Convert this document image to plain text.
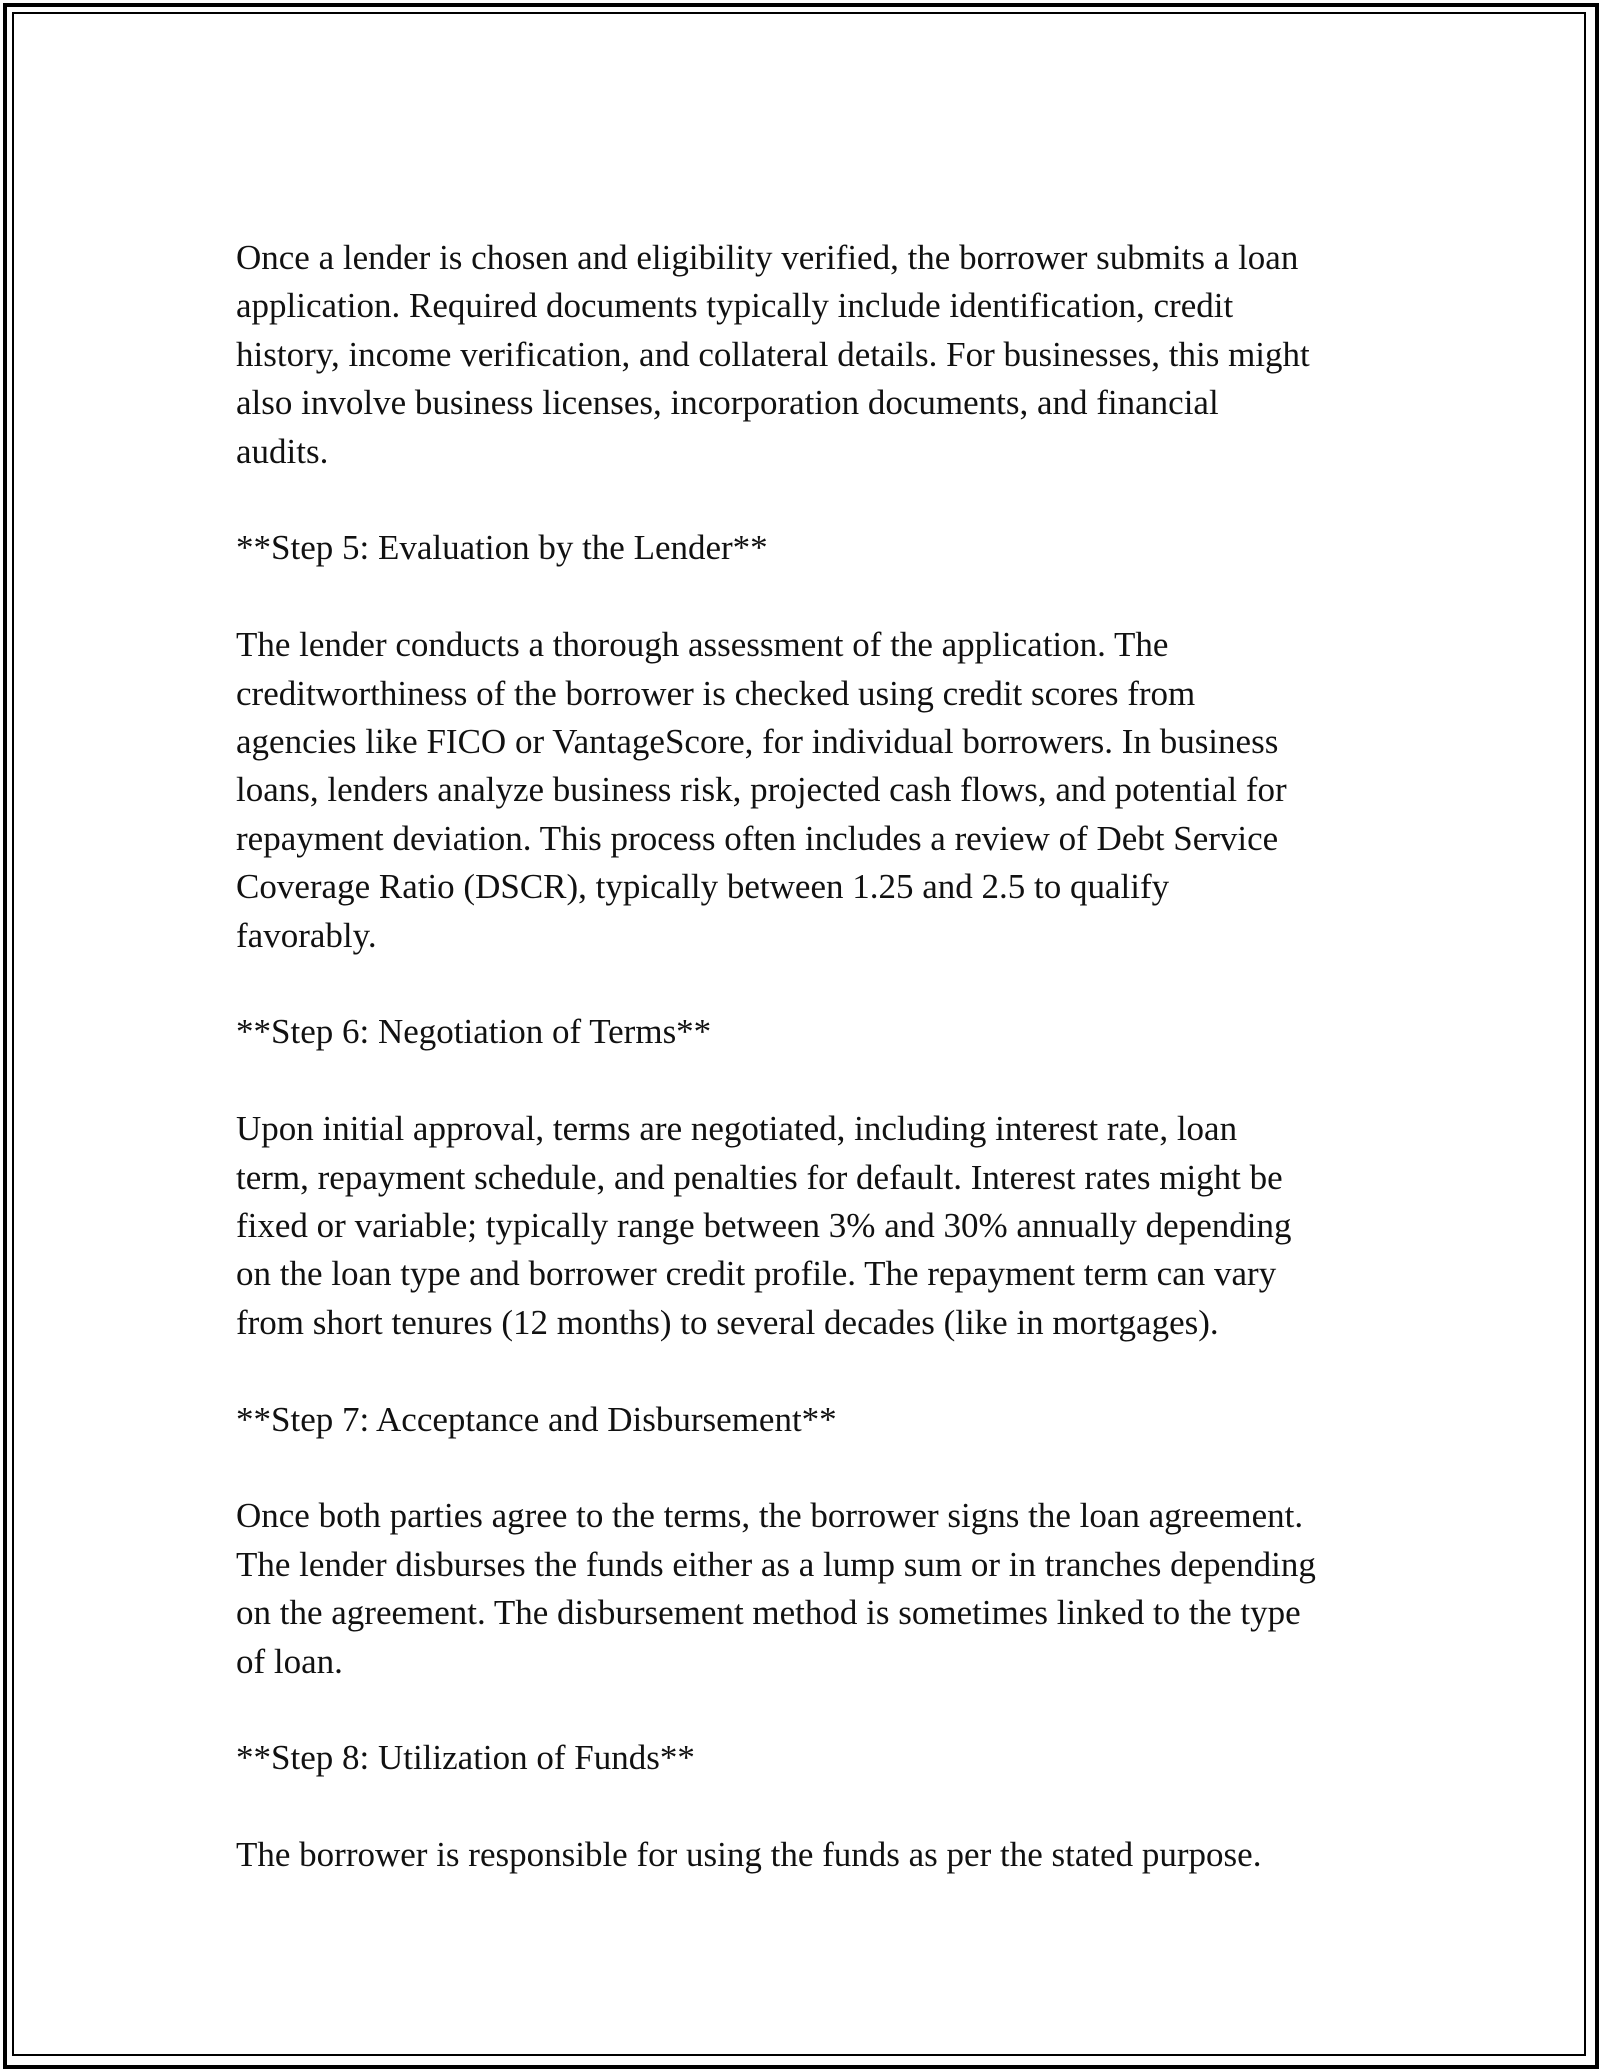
Once a lender is chosen and eligibility verified, the borrower submits a loan
application. Required documents typically include identification, credit
history, income verification, and collateral details. For businesses, this might
also involve business licenses, incorporation documents, and financial
audits.

**Step 5: Evaluation by the Lender**

The lender conducts a thorough assessment of the application. The
creditworthiness of the borrower is checked using credit scores from
agencies like FICO or VantageScore, for individual borrowers. In business
loans, lenders analyze business risk, projected cash flows, and potential for
repayment deviation. This process often includes a review of Debt Service
Coverage Ratio (DSCR), typically between 1.25 and 2.5 to qualify
favorably.

**Step 6: Negotiation of Terms**

Upon initial approval, terms are negotiated, including interest rate, loan
term, repayment schedule, and penalties for default. Interest rates might be
fixed or variable; typically range between 3% and 30% annually depending
on the loan type and borrower credit profile. The repayment term can vary
from short tenures (12 months) to several decades (like in mortgages).

**Step 7: Acceptance and Disbursement**

Once both parties agree to the terms, the borrower signs the loan agreement.
The lender disburses the funds either as a lump sum or in tranches depending
on the agreement. The disbursement method is sometimes linked to the type
of loan.

**Step 8: Utilization of Funds**

The borrower is responsible for using the funds as per the stated purpose.
